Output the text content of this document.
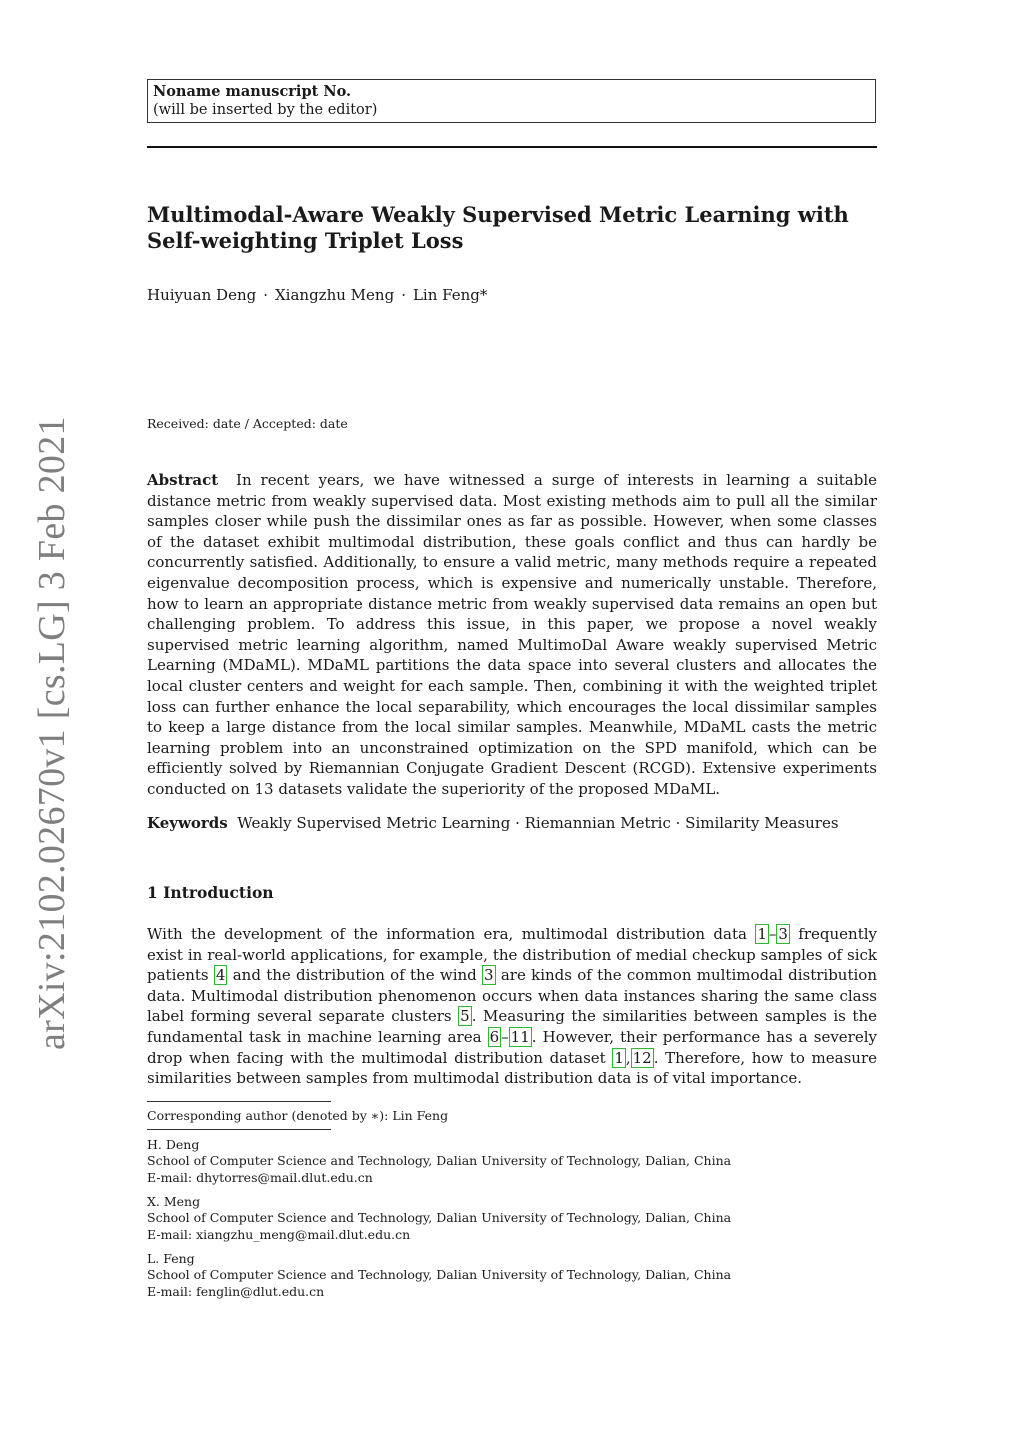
Noname manuscript No.
(will be inserted by the editor)
Multimodal-Aware Weakly Supervised Metric Learning with
Self-weighting Triplet Loss
Huiyuan Deng · Xiangzhu Meng · Lin Feng*
Received: date / Accepted: date

Abstract In recent years, we have witnessed a surge of interests in learning a suitable distance metric from weakly supervised data. Most existing methods aim to pull all the similar samples closer while push the dissimilar ones as far as possible. However, when some classes of the dataset exhibit multimodal distribution, these goals conflict and thus can hardly be concurrently satisfied. Additionally, to ensure a valid metric, many methods require a repeated eigenvalue decomposition process, which is expensive and numerically unstable. Therefore, how to learn an appropriate distance metric from weakly supervised data remains an open but challenging problem. To address this issue, in this paper, we propose a novel weakly supervised metric learning algorithm, named MultimoDal Aware weakly supervised Metric Learning (MDaML). MDaML partitions the data space into several clusters and allocates the local cluster centers and weight for each sample. Then, combining it with the weighted triplet loss can further enhance the local separability, which encourages the local dissimilar samples to keep a large distance from the local similar samples. Meanwhile, MDaML casts the metric learning problem into an unconstrained optimization on the SPD manifold, which can be efficiently solved by Riemannian Conjugate Gradient Descent (RCGD). Extensive experiments conducted on 13 datasets validate the superiority of the proposed MDaML.

Keywords Weakly Supervised Metric Learning · Riemannian Metric · Similarity Measures
1 Introduction

With the development of the information era, multimodal distribution data 1 – 3 frequently exist in real-world applications, for example, the distribution of medial checkup samples of sick patients 4 and the distribution of the wind 3 are kinds of the common multimodal distribution data. Multimodal distribution phenomenon occurs when data instances sharing the same class label forming several separate clusters 5 . Measuring the similarities between samples is the fundamental task in machine learning area 6 – 11 . However, their performance has a severely drop when facing with the multimodal distribution dataset 1 , 12 . Therefore, how to measure similarities between samples from multimodal distribution data is of vital importance.

Corresponding author (denoted by ∗): Lin Feng
H. Deng
School of Computer Science and Technology, Dalian University of Technology, Dalian, China
E-mail: dhytorres@mail.dlut.edu.cn
X. Meng
School of Computer Science and Technology, Dalian University of Technology, Dalian, China
E-mail: xiangzhu_meng@mail.dlut.edu.cn
L. Feng
School of Computer Science and Technology, Dalian University of Technology, Dalian, China
E-mail: fenglin@dlut.edu.cn
arXiv:2102.02670v1 [cs.LG] 3 Feb 2021
